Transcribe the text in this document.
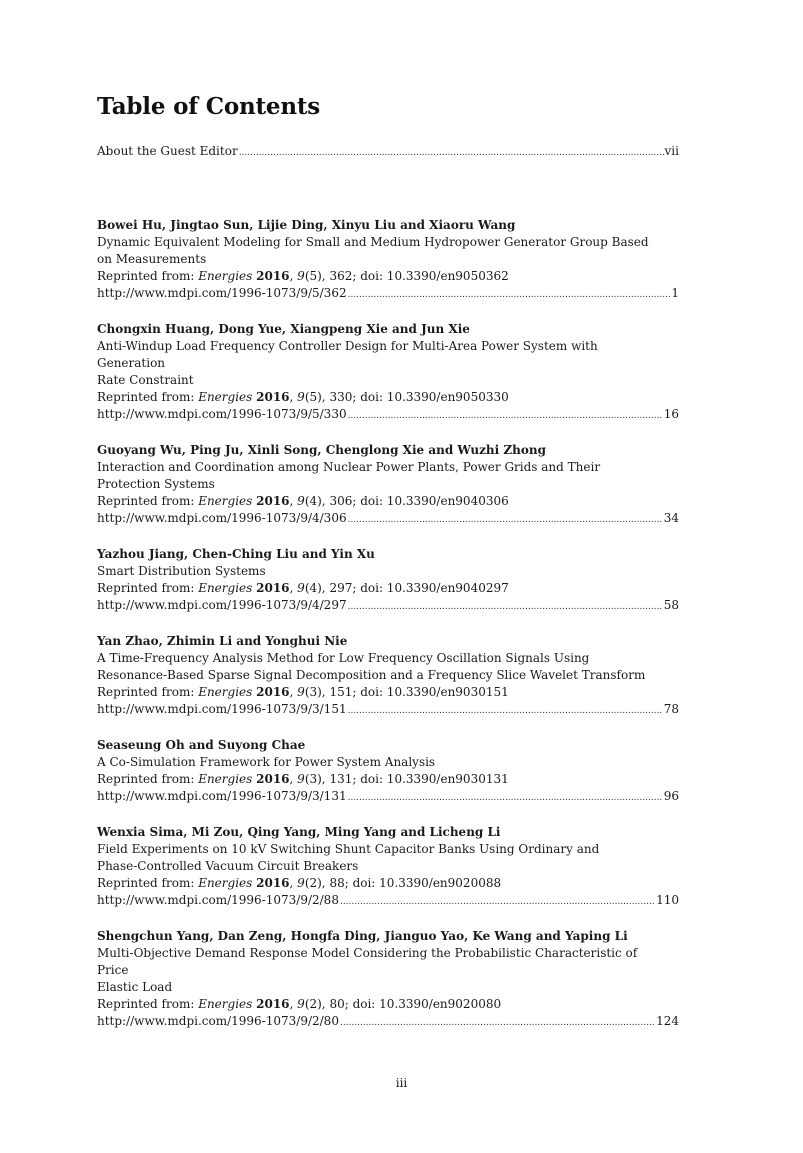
Table of Contents
About the Guest Editor .....	vii
Bowei Hu, Jingtao Sun, Lijie Ding, Xinyu Liu and Xiaoru Wang
Dynamic Equivalent Modeling for Small and Medium Hydropower Generator Group Based
on Measurements
Reprinted from: Energies 2016, 9(5), 362; doi: 10.3390/en9050362
http://www.mdpi.com/1996-1073/9/5/362 .....	1
Chongxin Huang, Dong Yue, Xiangpeng Xie and Jun Xie
Anti-Windup Load Frequency Controller Design for Multi-Area Power System with Generation
Rate Constraint
Reprinted from: Energies 2016, 9(5), 330; doi: 10.3390/en9050330
http://www.mdpi.com/1996-1073/9/5/330 .....	16
Guoyang Wu, Ping Ju, Xinli Song, Chenglong Xie and Wuzhi Zhong
Interaction and Coordination among Nuclear Power Plants, Power Grids and Their
Protection Systems
Reprinted from: Energies 2016, 9(4), 306; doi: 10.3390/en9040306
http://www.mdpi.com/1996-1073/9/4/306 .....	34
Yazhou Jiang, Chen-Ching Liu and Yin Xu
Smart Distribution Systems
Reprinted from: Energies 2016, 9(4), 297; doi: 10.3390/en9040297
http://www.mdpi.com/1996-1073/9/4/297 .....	58
Yan Zhao, Zhimin Li and Yonghui Nie
A Time-Frequency Analysis Method for Low Frequency Oscillation Signals Using
Resonance-Based Sparse Signal Decomposition and a Frequency Slice Wavelet Transform
Reprinted from: Energies 2016, 9(3), 151; doi: 10.3390/en9030151
http://www.mdpi.com/1996-1073/9/3/151 .....	78
Seaseung Oh and Suyong Chae
A Co-Simulation Framework for Power System Analysis
Reprinted from: Energies 2016, 9(3), 131; doi: 10.3390/en9030131
http://www.mdpi.com/1996-1073/9/3/131 .....	96
Wenxia Sima, Mi Zou, Qing Yang, Ming Yang and Licheng Li
Field Experiments on 10 kV Switching Shunt Capacitor Banks Using Ordinary and
Phase-Controlled Vacuum Circuit Breakers
Reprinted from: Energies 2016, 9(2), 88; doi: 10.3390/en9020088
http://www.mdpi.com/1996-1073/9/2/88 .....	110
Shengchun Yang, Dan Zeng, Hongfa Ding, Jianguo Yao, Ke Wang and Yaping Li
Multi-Objective Demand Response Model Considering the Probabilistic Characteristic of Price
Elastic Load
Reprinted from: Energies 2016, 9(2), 80; doi: 10.3390/en9020080
http://www.mdpi.com/1996-1073/9/2/80 .....	124
iii
